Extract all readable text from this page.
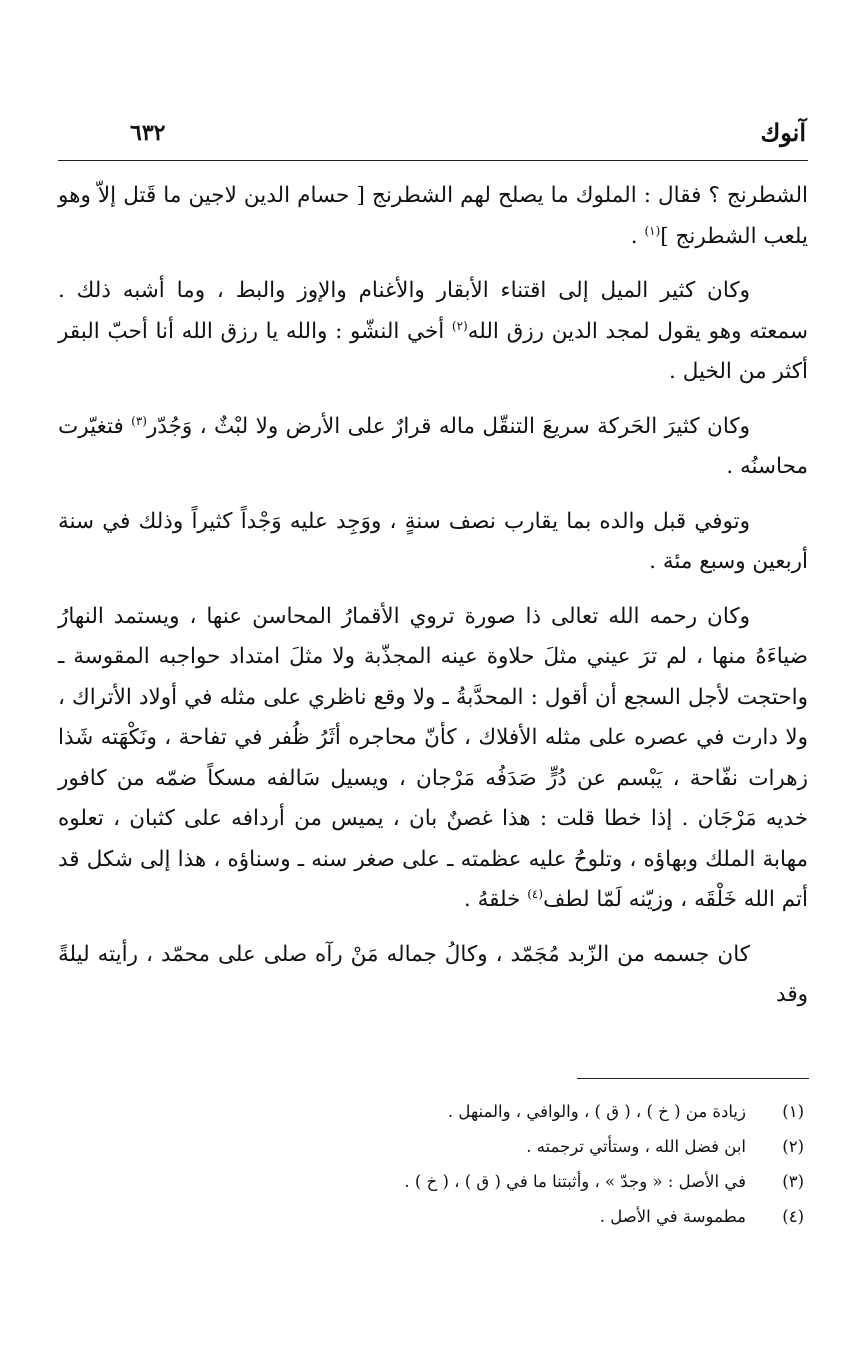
آنوك
٦٣٢

الشطرنج ؟ فقال : الملوك ما يصلح لهم الشطرنج [ حسام الدين لاجين ما قَتل إلاّ وهو يلعب الشطرنج ]$^{(١)}$ .

وكان كثير الميل إلى اقتناء الأبقار والأغنام والإوز والبط ، وما أشبه ذلك . سمعته وهو يقول لمجد الدين رزق الله$^{(٢)}$ أخي النشّو : والله يا رزق الله أنا أحبّ البقر أكثر من الخيل .

وكان كثيرَ الحَركة سريعَ التنقّل ماله قرارٌ على الأرض ولا لبْثٌ ، وَجُدّر$^{(٣)}$ فتغيّرت محاسنُه .

وتوفي قبل والده بما يقارب نصف سنةٍ ، ووَجِد عليه وَجْداً كثيراً وذلك في سنة أربعين وسبع مئة .

وكان رحمه الله تعالى ذا صورة تروي الأقمارُ المحاسن عنها ، ويستمد النهارُ ضياءَهُ منها ، لم ترَ عيني مثلَ حلاوة عينه المجذّبة ولا مثلَ امتداد حواجبه المقوسة ـ واحتجت لأجل السجع أن أقول : المحدَّبةُ ـ ولا وقع ناظري على مثله في أولاد الأتراك ، ولا دارت في عصره على مثله الأفلاك ، كأنّ محاجره أثَرُ ظُفر في تفاحة ، ونَكْهَته شَذا زهرات نفّاحة ، يَبْسم عن دُرٍّ صَدَفُه مَرْجان ، ويسيل سَالفه مسكاً ضمّه من كافور خديه مَرْجَان . إذا خطا قلت : هذا غصنٌ بان ، يميس من أردافه على كثبان ، تعلوه مهابة الملك وبهاؤه ، وتلوحُ عليه عظمته ـ على صغر سنه ـ وسناؤه ، هذا إلى شكل قد أتم الله خَلْقَه ، وزيّنه لَمّا لطف$^{(٤)}$ خلقهُ .

كان جسمه من الزّبد مُجَمّد ، وكالُ جماله مَنْ رآه صلى على محمّد ، رأيته ليلةً وقد

(١)
زيادة من ( خ ) ، ( ق ) ، والوافي ، والمنهل .
(٢)
ابن فضل الله ، وستأتي ترجمته .
(٣)
في الأصل : « وجدّ » ، وأثبتنا ما في ( ق ) ، ( خ ) .
(٤)
مطموسة في الأصل .
